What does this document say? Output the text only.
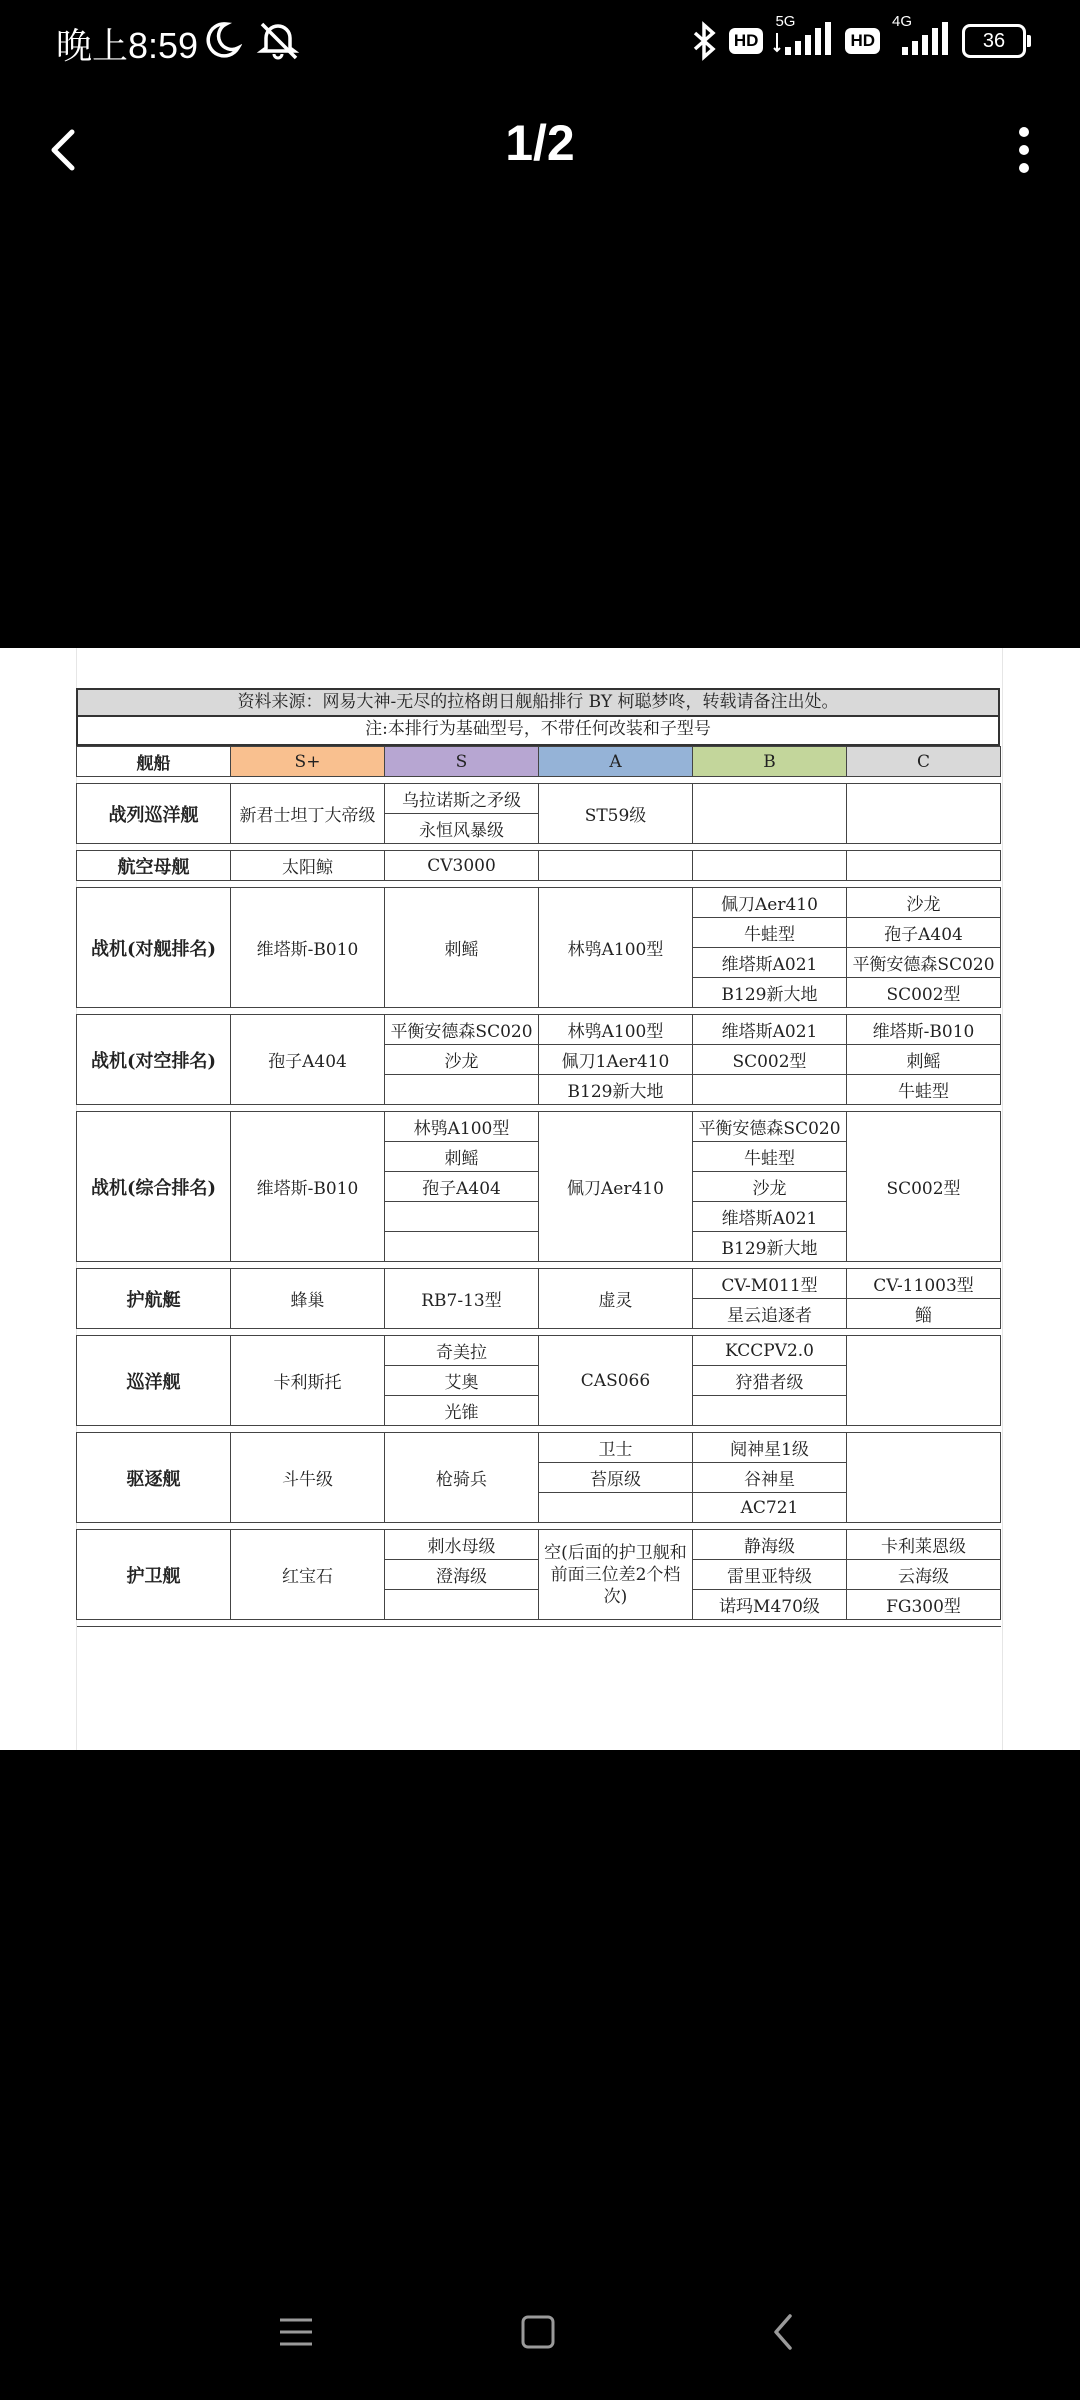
晚上8:59	HD
5G
HD
4G
36
1/2
资料来源：网易大神-无尽的拉格朗日舰船排行 BY 柯聪梦咚，转载请备注出处。
注:本排行为基础型号，不带任何改装和子型号
舰船	S+	S	A	B	C

战列巡洋舰	新君士坦丁大帝级	乌拉诺斯之矛级	ST59级		
		永恒风暴级			

航空母舰	太阳鲸	CV3000			

战机(对舰排名)	维塔斯-B010	刺鳐	林鸮A100型	佩刀Aer410	沙龙
				牛蛙型	孢子A404
				维塔斯A021	平衡安德森SC020
				B129新大地	SC002型

战机(对空排名)	孢子A404	平衡安德森SC020	林鸮A100型	维塔斯A021	维塔斯-B010
		沙龙	佩刀1Aer410	SC002型	刺鳐
			B129新大地		牛蛙型

战机(综合排名)	维塔斯-B010	林鸮A100型	佩刀Aer410	平衡安德森SC020	SC002型
		刺鳐		牛蛙型	
		孢子A404		沙龙	
				维塔斯A021	
				B129新大地	

护航艇	蜂巢	RB7-13型	虚灵	CV-M011型	CV-11003型
				星云追逐者	鲻

巡洋舰	卡利斯托	奇美拉	CAS066	KCCPV2.0	
		艾奥		狩猎者级	
		光锥			

驱逐舰	斗牛级	枪骑兵	卫士	阋神星1级	
			苔原级	谷神星	
				AC721	

护卫舰	红宝石	刺水母级	空(后面的护卫舰和前面三位差2个档次)	静海级	卡利莱恩级
		澄海级		雷里亚特级	云海级
				诺玛M470级	FG300型
